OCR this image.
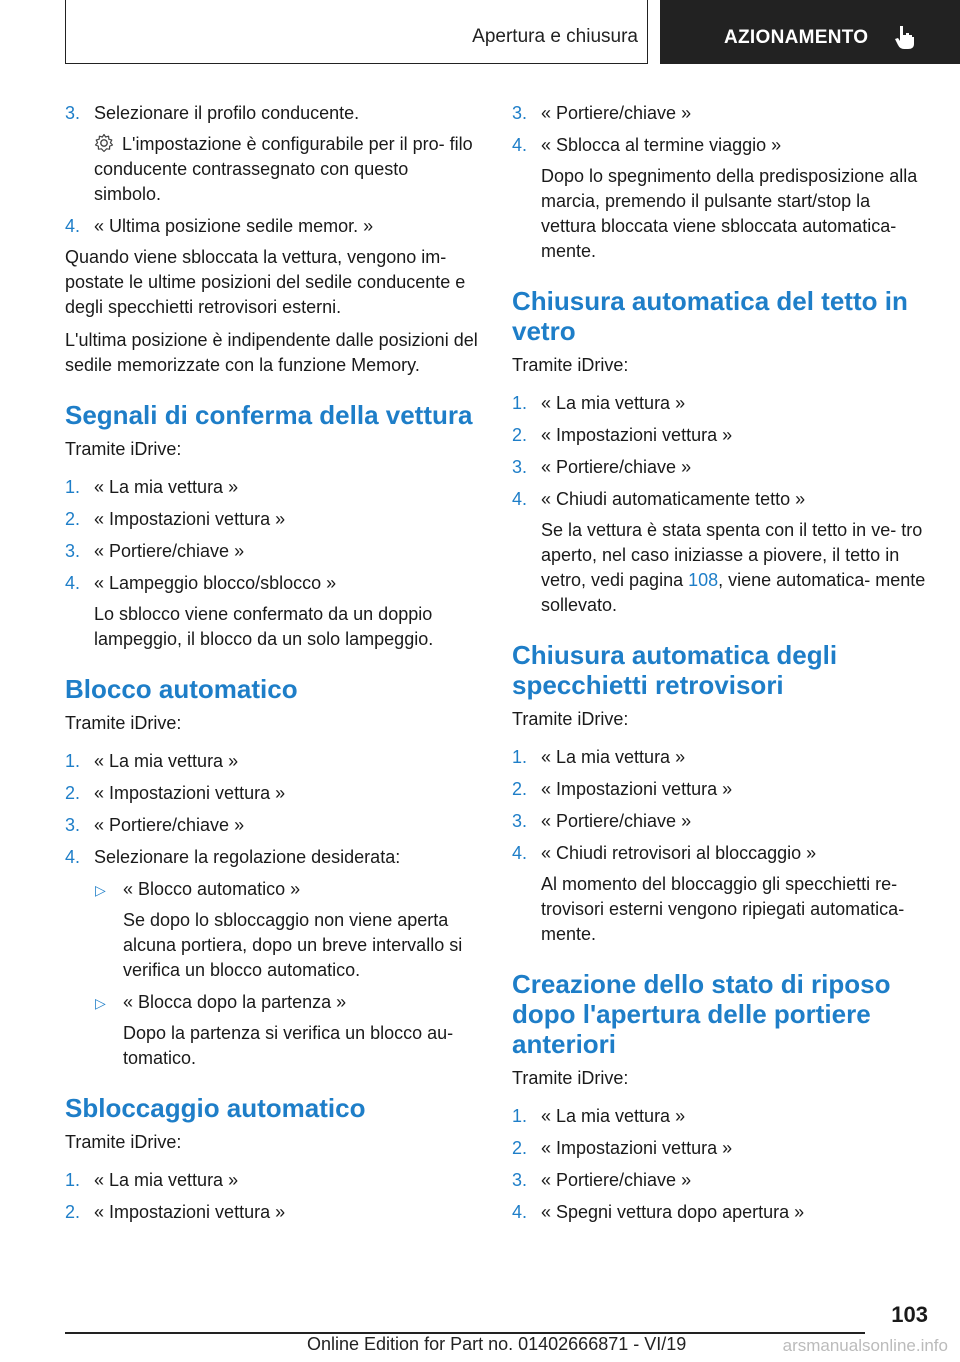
Apertura e chiusura	AZIONAMENTO
3. Selezionare il profilo conducente.
L'impostazione è configurabile per il pro- filo conducente contrassegnato con questo simbolo.
4. « Ultima posizione sedile memor. »
Quando viene sbloccata la vettura, vengono im- postate le ultime posizioni del sedile conducente e degli specchietti retrovisori esterni.
L'ultima posizione è indipendente dalle posizioni del sedile memorizzate con la funzione Memory.
Segnali di conferma della vettura
Tramite iDrive:
1. « La mia vettura »
2. « Impostazioni vettura »
3. « Portiere/chiave »
4. « Lampeggio blocco/sblocco »
Lo sblocco viene confermato da un doppio lampeggio, il blocco da un solo lampeggio.
Blocco automatico
Tramite iDrive:
1. « La mia vettura »
2. « Impostazioni vettura »
3. « Portiere/chiave »
4. Selezionare la regolazione desiderata:
▷ « Blocco automatico »
Se dopo lo sbloccaggio non viene aperta alcuna portiera, dopo un breve intervallo si verifica un blocco automatico.
▷ « Blocca dopo la partenza »
Dopo la partenza si verifica un blocco au- tomatico.
Sbloccaggio automatico
Tramite iDrive:
1. « La mia vettura »
2. « Impostazioni vettura »
3. « Portiere/chiave »
4. « Sblocca al termine viaggio »
Dopo lo spegnimento della predisposizione alla marcia, premendo il pulsante start/stop la vettura bloccata viene sbloccata automatica- mente.
Chiusura automatica del tetto in vetro
Tramite iDrive:
1. « La mia vettura »
2. « Impostazioni vettura »
3. « Portiere/chiave »
4. « Chiudi automaticamente tetto »
Se la vettura è stata spenta con il tetto in ve- tro aperto, nel caso iniziasse a piovere, il tetto in vetro, vedi pagina 108, viene automatica- mente sollevato.
Chiusura automatica degli specchietti retrovisori
Tramite iDrive:
1. « La mia vettura »
2. « Impostazioni vettura »
3. « Portiere/chiave »
4. « Chiudi retrovisori al bloccaggio »
Al momento del bloccaggio gli specchietti re- trovisori esterni vengono ripiegati automatica- mente.
Creazione dello stato di riposo dopo l'apertura delle portiere anteriori
Tramite iDrive:
1. « La mia vettura »
2. « Impostazioni vettura »
3. « Portiere/chiave »
4. « Spegni vettura dopo apertura »
103
Online Edition for Part no. 01402666871 - VI/19	arsmanualsonline.info
